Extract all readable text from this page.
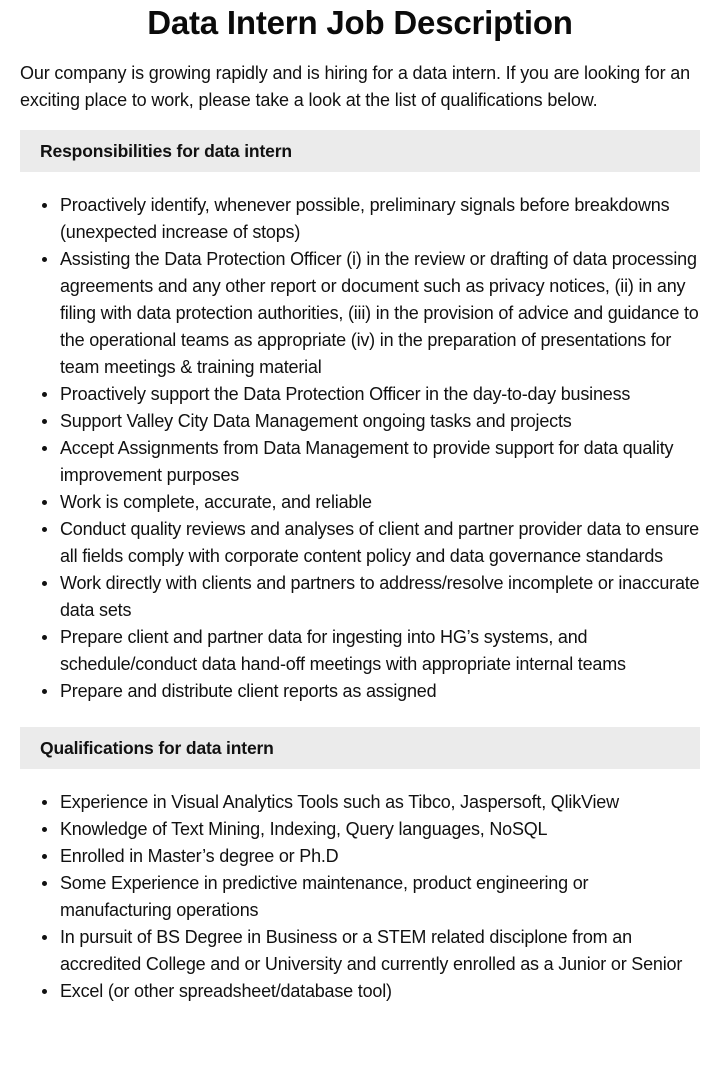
Data Intern Job Description

Our company is growing rapidly and is hiring for a data intern. If you are looking for an exciting place to work, please take a look at the list of qualifications below.

Responsibilities for data intern
Proactively identify, whenever possible, preliminary signals before breakdowns (unexpected increase of stops)
Assisting the Data Protection Officer (i) in the review or drafting of data processing agreements and any other report or document such as privacy notices, (ii) in any filing with data protection authorities, (iii) in the provision of advice and guidance to the operational teams as appropriate (iv) in the preparation of presentations for team meetings & training material
Proactively support the Data Protection Officer in the day-to-day business
Support Valley City Data Management ongoing tasks and projects
Accept Assignments from Data Management to provide support for data quality improvement purposes
Work is complete, accurate, and reliable
Conduct quality reviews and analyses of client and partner provider data to ensure all fields comply with corporate content policy and data governance standards
Work directly with clients and partners to address/resolve incomplete or inaccurate data sets
Prepare client and partner data for ingesting into HG’s systems, and schedule/conduct data hand-off meetings with appropriate internal teams
Prepare and distribute client reports as assigned
Qualifications for data intern
Experience in Visual Analytics Tools such as Tibco, Jaspersoft, QlikView
Knowledge of Text Mining, Indexing, Query languages, NoSQL
Enrolled in Master’s degree or Ph.D
Some Experience in predictive maintenance, product engineering or manufacturing operations
In pursuit of BS Degree in Business or a STEM related disciplone from an accredited College and or University and currently enrolled as a Junior or Senior
Excel (or other spreadsheet/database tool)
